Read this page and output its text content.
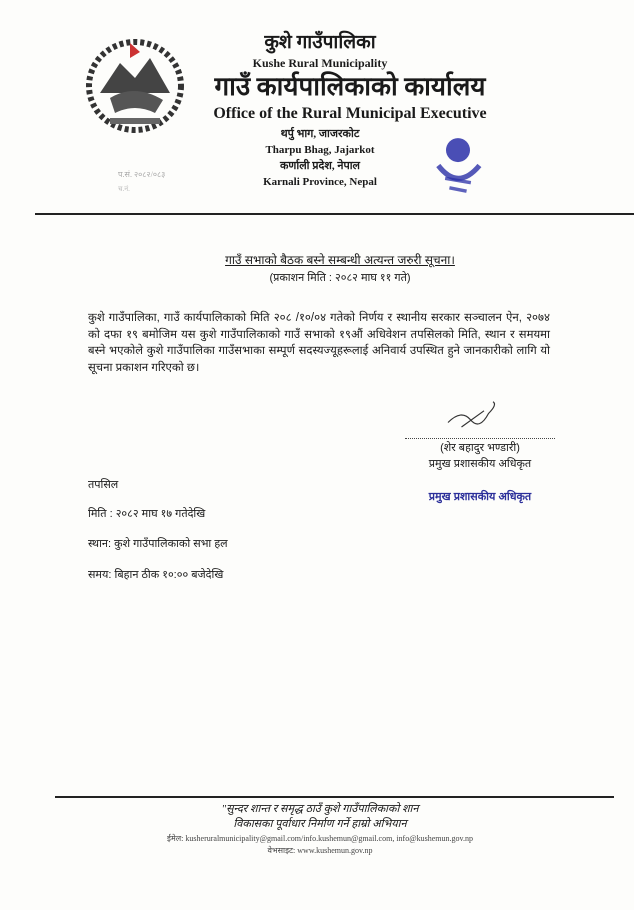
कुशे गाउँपालिका
Kushe Rural Municipality
गाउँ कार्यपालिकाको कार्यालय
Office of the Rural Municipal Executive
थर्पु भाग, जाजरकोट
Tharpu Bhag, Jajarkot
कर्णाली प्रदेश, नेपाल
Karnali Province, Nepal
प.सं. २०८२/०८३
च.नं.
गाउँ सभाको बैठक बस्ने सम्बन्धी अत्यन्त जरुरी सूचना।
(प्रकाशन मिति : २०८२ माघ ११ गते)
कुशे गाउँपालिका, गाउँ कार्यपालिकाको मिति २०८ /१०/०४ गतेको निर्णय र स्थानीय सरकार सञ्चालन ऐन, २०७४ को दफा १९ बमोजिम यस कुशे गाउँपालिकाको गाउँ सभाको १९औं अधिवेशन तपसिलको मिति, स्थान र समयमा बस्ने भएकोले कुशे गाउँपालिका गाउँसभाका सम्पूर्ण सदस्यज्यूहरूलाई अनिवार्य उपस्थित हुने जानकारीको लागि यो सूचना प्रकाशन गरिएको छ।
(शेर बहादुर भण्डारी)
प्रमुख प्रशासकीय अधिकृत
प्रमुख प्रशासकीय अधिकृत
तपसिल
मिति : २०८२ माघ १७ गतेदेखि
स्थान: कुशे गाउँपालिकाको सभा हल
समय: बिहान ठीक १०:०० बजेदेखि
"सुन्दर शान्त र समृद्ध ठाउँ कुशे गाउँपालिकाको शान
विकासका पूर्वाधार निर्माण गर्ने हाम्रो अभियान
ईमेल: kusheruralmunicipality@gmail.com/info.kushemun@gmail.com, info@kushemun.gov.np
वेभसाइट: www.kushemun.gov.np
